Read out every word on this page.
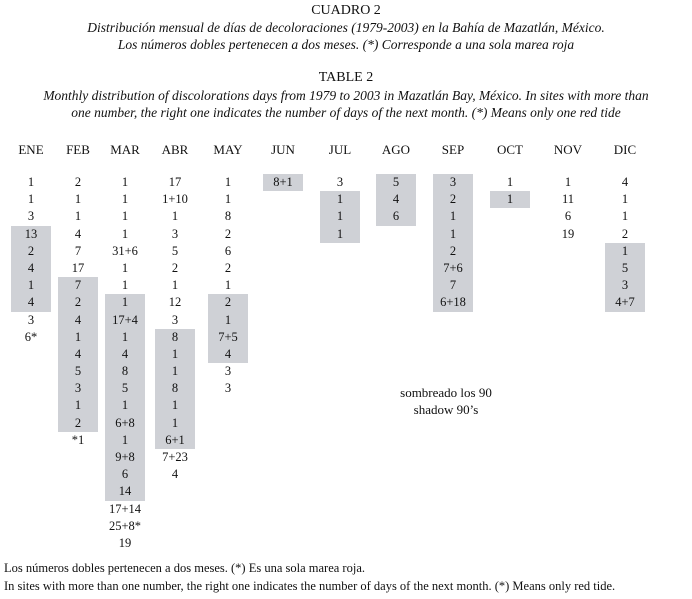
CUADRO 2
Distribución mensual de días de decoloraciones (1979-2003) en la Bahía de Mazatlán, México.
Los números dobles pertenecen a dos meses. (*) Corresponde a una sola marea roja
TABLE 2
Monthly distribution of discolorations days from 1979 to 2003 in Mazatlán Bay, México. In sites with more than
one number, the right one indicates the number of days of the next month. (*) Means only one red tide
ENE
1
1
3
13
2
4
1
4
3
6*
FEB
2
1
1
4
7
17
7
2
4
1
4
5
3
1
2
*1
MAR
1
1
1
1
31+6
1
1
1
17+4
1
4
8
5
1
6+8
1
9+8
6
14
17+14
25+8*
19
ABR
17
1+10
1
3
5
2
1
12
3
8
1
1
8
1
1
6+1
7+23
4
MAY
1
1
8
2
6
2
1
2
1
7+5
4
3
3
JUN
8+1
JUL
3
1
1
1
AGO
5
4
6
SEP
3
2
1
1
2
7+6
7
6+18
OCT
1
1
NOV
1
11
6
19
DIC
4
1
1
2
1
5
3
4+7
sombreado los 90
shadow 90’s
Los números dobles pertenecen a dos meses. (*) Es una sola marea roja.
In sites with more than one number, the right one indicates the number of days of the next month. (*) Means only red tide.
